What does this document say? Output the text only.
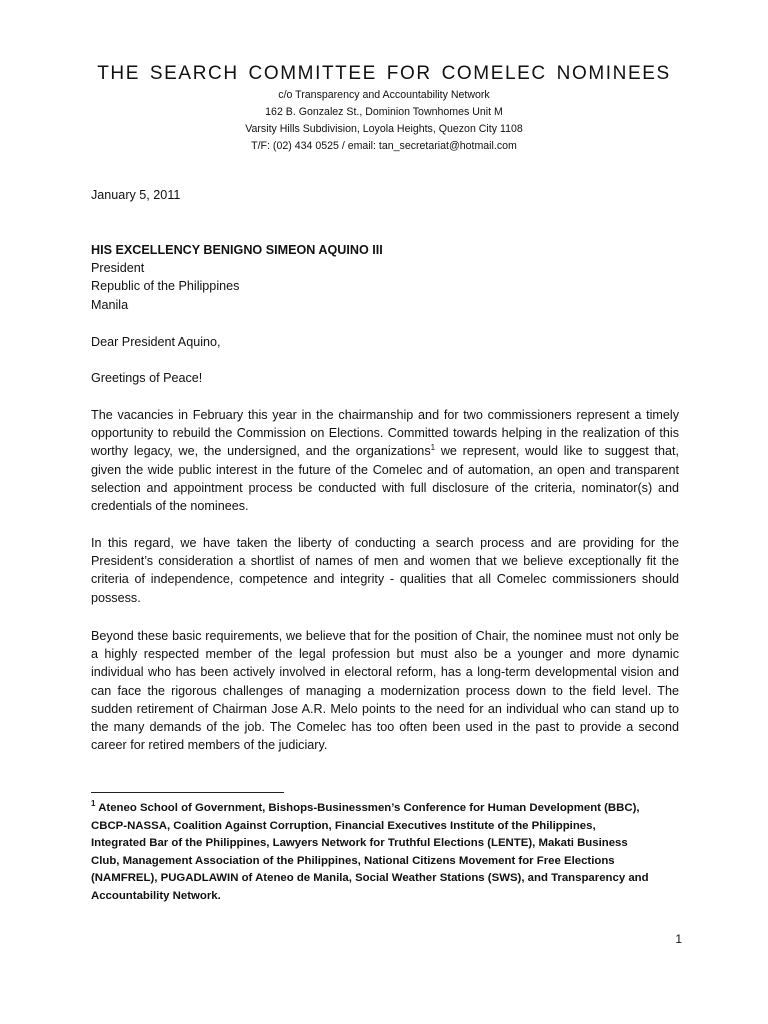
THE SEARCH COMMITTEE FOR COMELEC NOMINEES
c/o Transparency and Accountability Network
162 B. Gonzalez St., Dominion Townhomes Unit M
Varsity Hills Subdivision, Loyola Heights, Quezon City 1108
T/F: (02) 434 0525 / email: tan_secretariat@hotmail.com
January 5, 2011
HIS EXCELLENCY BENIGNO SIMEON AQUINO III
President
Republic of the Philippines
Manila
Dear President Aquino,
Greetings of Peace!
The vacancies in February this year in the chairmanship and for two commissioners represent a timely opportunity to rebuild the Commission on Elections. Committed towards helping in the realization of this worthy legacy, we, the undersigned, and the organizations$^1$ we represent, would like to suggest that, given the wide public interest in the future of the Comelec and of automation, an open and transparent selection and appointment process be conducted with full disclosure of the criteria, nominator(s) and credentials of the nominees.
In this regard, we have taken the liberty of conducting a search process and are providing for the President’s consideration a shortlist of names of men and women that we believe exceptionally fit the criteria of independence, competence and integrity - qualities that all Comelec commissioners should possess.
Beyond these basic requirements, we believe that for the position of Chair, the nominee must not only be a highly respected member of the legal profession but must also be a younger and more dynamic individual who has been actively involved in electoral reform, has a long-term developmental vision and can face the rigorous challenges of managing a modernization process down to the field level. The sudden retirement of Chairman Jose A.R. Melo points to the need for an individual who can stand up to the many demands of the job. The Comelec has too often been used in the past to provide a second career for retired members of the judiciary.
$^1$ Ateneo School of Government, Bishops-Businessmen’s Conference for Human Development (BBC), CBCP-NASSA, Coalition Against Corruption, Financial Executives Institute of the Philippines, Integrated Bar of the Philippines, Lawyers Network for Truthful Elections (LENTE), Makati Business Club, Management Association of the Philippines, National Citizens Movement for Free Elections (NAMFREL), PUGADLAWIN of Ateneo de Manila, Social Weather Stations (SWS), and Transparency and Accountability Network.
1
